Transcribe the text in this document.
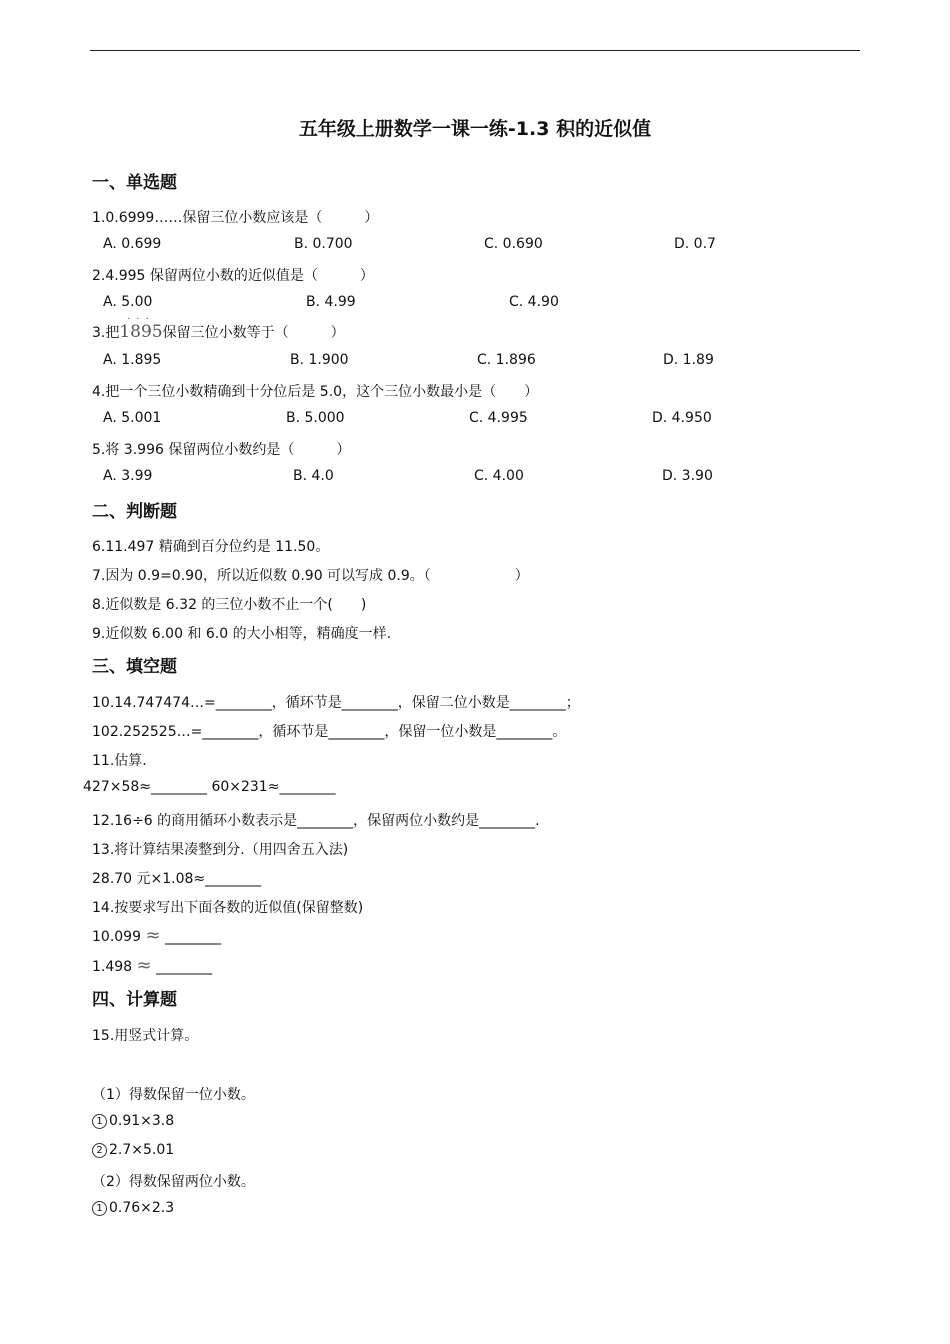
五年级上册数学一课一练-1.3 积的近似值
一、单选题
1.0.6999……保留三位小数应该是（　　　）
A. 0.699	B. 0.700	C. 0.690	D. 0.7
2.4.995 保留两位小数的近似值是（　　　）
A. 5.00	B. 4.99	C. 4.90
3.把
···
1895保留三位小数等于（　　　）
A. 1.895	B. 1.900	C. 1.896	D. 1.89
4.把一个三位小数精确到十分位后是 5.0，这个三位小数最小是（　　）
A. 5.001	B. 5.000	C. 4.995	D. 4.950
5.将 3.996 保留两位小数约是（　　　）
A. 3.99	B. 4.0	C. 4.00	D. 3.90
二、判断题
6.11.497 精确到百分位约是 11.50。
7.因为 0.9=0.90，所以近似数 0.90 可以写成 0.9。（　　　　　　）
8.近似数是 6.32 的三位小数不止一个(　　)
9.近似数 6.00 和 6.0 的大小相等，精确度一样.
三、填空题
10.14.747474…=________，循环节是________，保留二位小数是________；
102.252525…=________，循环节是________，保留一位小数是________。
11.估算.
427×58≈________ 60×231≈________
12.16÷6 的商用循环小数表示是________，保留两位小数约是________.
13.将计算结果凑整到分.（用四舍五入法)
28.70 元×1.08≈________
14.按要求写出下面各数的近似值(保留整数)
10.099 ≈ ________
1.498 ≈ ________
四、计算题
15.用竖式计算。
（1）得数保留一位小数。
1 0.91×3.8
2 2.7×5.01
（2）得数保留两位小数。
1 0.76×2.3
